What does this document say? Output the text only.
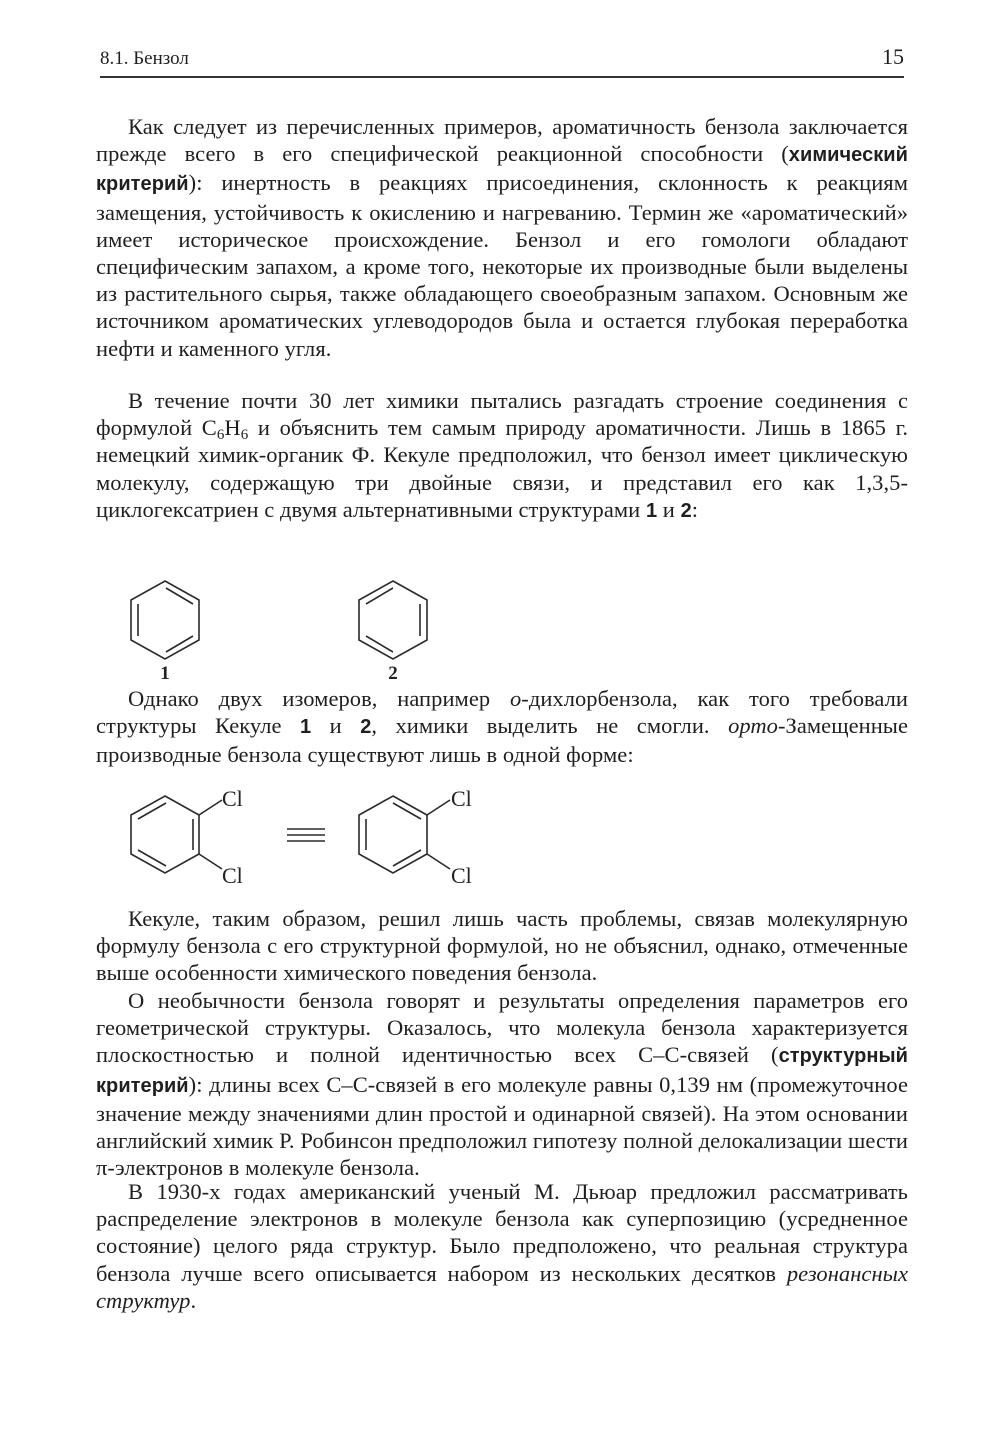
8.1. Бензол	15

Как следует из перечисленных примеров, ароматичность бензола заключается прежде всего в его специфической реакционной способности (химический критерий): инертность в реакциях присоединения, склонность к реакциям замещения, устойчивость к окислению и нагреванию. Термин же «ароматический» имеет историческое происхождение. Бензол и его гомологи обладают специфическим запахом, а кроме того, некоторые их производные были выделены из растительного сырья, также обладающего своеобразным запахом. Основным же источником ароматических углеводородов была и остается глубокая переработка нефти и каменного угля.

В течение почти 30 лет химики пытались разгадать строение соединения с формулой $C_6H_6$ и объяснить тем самым природу ароматичности. Лишь в 1865 г. немецкий химик-органик Ф. Кекуле предположил, что бензол имеет циклическую молекулу, содержащую три двойные связи, и представил его как 1,3,5-циклогексатриен с двумя альтернативными структурами 1 и 2:

1	2

Однако двух изомеров, например о-дихлорбензола, как того требовали структуры Кекуле 1 и 2, химики выделить не смогли. орто-Замещенные производные бензола существуют лишь в одной форме:

Cl
Cl
Cl
Cl

Кекуле, таким образом, решил лишь часть проблемы, связав молекулярную формулу бензола с его структурной формулой, но не объяснил, однако, отмеченные выше особенности химического поведения бензола.

О необычности бензола говорят и результаты определения параметров его геометрической структуры. Оказалось, что молекула бензола характеризуется плоскостностью и полной идентичностью всех С–С-связей (структурный критерий): длины всех С–С-связей в его молекуле равны 0,139 нм (промежуточное значение между значениями длин простой и одинарной связей). На этом основании английский химик Р. Робинсон предположил гипотезу полной делокализации шести π-электронов в молекуле бензола.

В 1930-х годах американский ученый М. Дьюар предложил рассматривать распределение электронов в молекуле бензола как суперпозицию (усредненное состояние) целого ряда структур. Было предположено, что реальная структура бензола лучше всего описывается набором из нескольких десятков резонансных структур.
